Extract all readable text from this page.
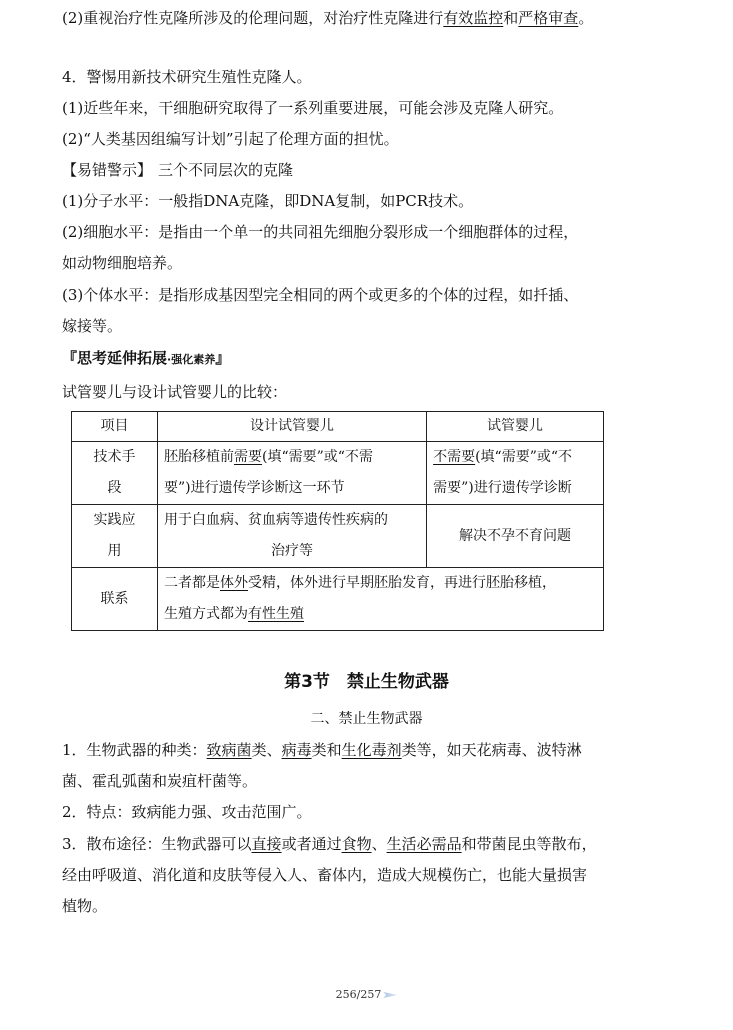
(2)重视治疗性克隆所涉及的伦理问题，对治疗性克隆进行有效监控和严格审查。
4．警惕用新技术研究生殖性克隆人。
(1)近些年来，干细胞研究取得了一系列重要进展，可能会涉及克隆人研究。
(2)“人类基因组编写计划”引起了伦理方面的担忧。
【易错警示】 三个不同层次的克隆
(1)分子水平：一般指DNA克隆，即DNA复制，如PCR技术。
(2)细胞水平：是指由一个单一的共同祖先细胞分裂形成一个细胞群体的过程，
如动物细胞培养。
(3)个体水平：是指形成基因型完全相同的两个或更多的个体的过程，如扦插、
嫁接等。
『思考延伸拓展·强化素养』
试管婴儿与设计试管婴儿的比较：
项目	设计试管婴儿	试管婴儿
技术手
段	胚胎移植前需要(填“需要”或“不需
要”)进行遗传学诊断这一环节	不需要(填“需要”或“不
需要”)进行遗传学诊断
实践应
用	用于白血病、贫血病等遗传性疾病的

治疗等	解决不孕不育问题
联系	二者都是体外受精，体外进行早期胚胎发育，再进行胚胎移植，
生殖方式都为有性生殖	
第3节　禁止生物武器
二、禁止生物武器
1．生物武器的种类：致病菌类、病毒类和生化毒剂类等，如天花病毒、波特淋
菌、霍乱弧菌和炭疽杆菌等。
2．特点：致病能力强、攻击范围广。
3．散布途径：生物武器可以直接或者通过食物、生活必需品和带菌昆虫等散布，
经由呼吸道、消化道和皮肤等侵入人、畜体内，造成大规模伤亡，也能大量损害
植物。
256/257
